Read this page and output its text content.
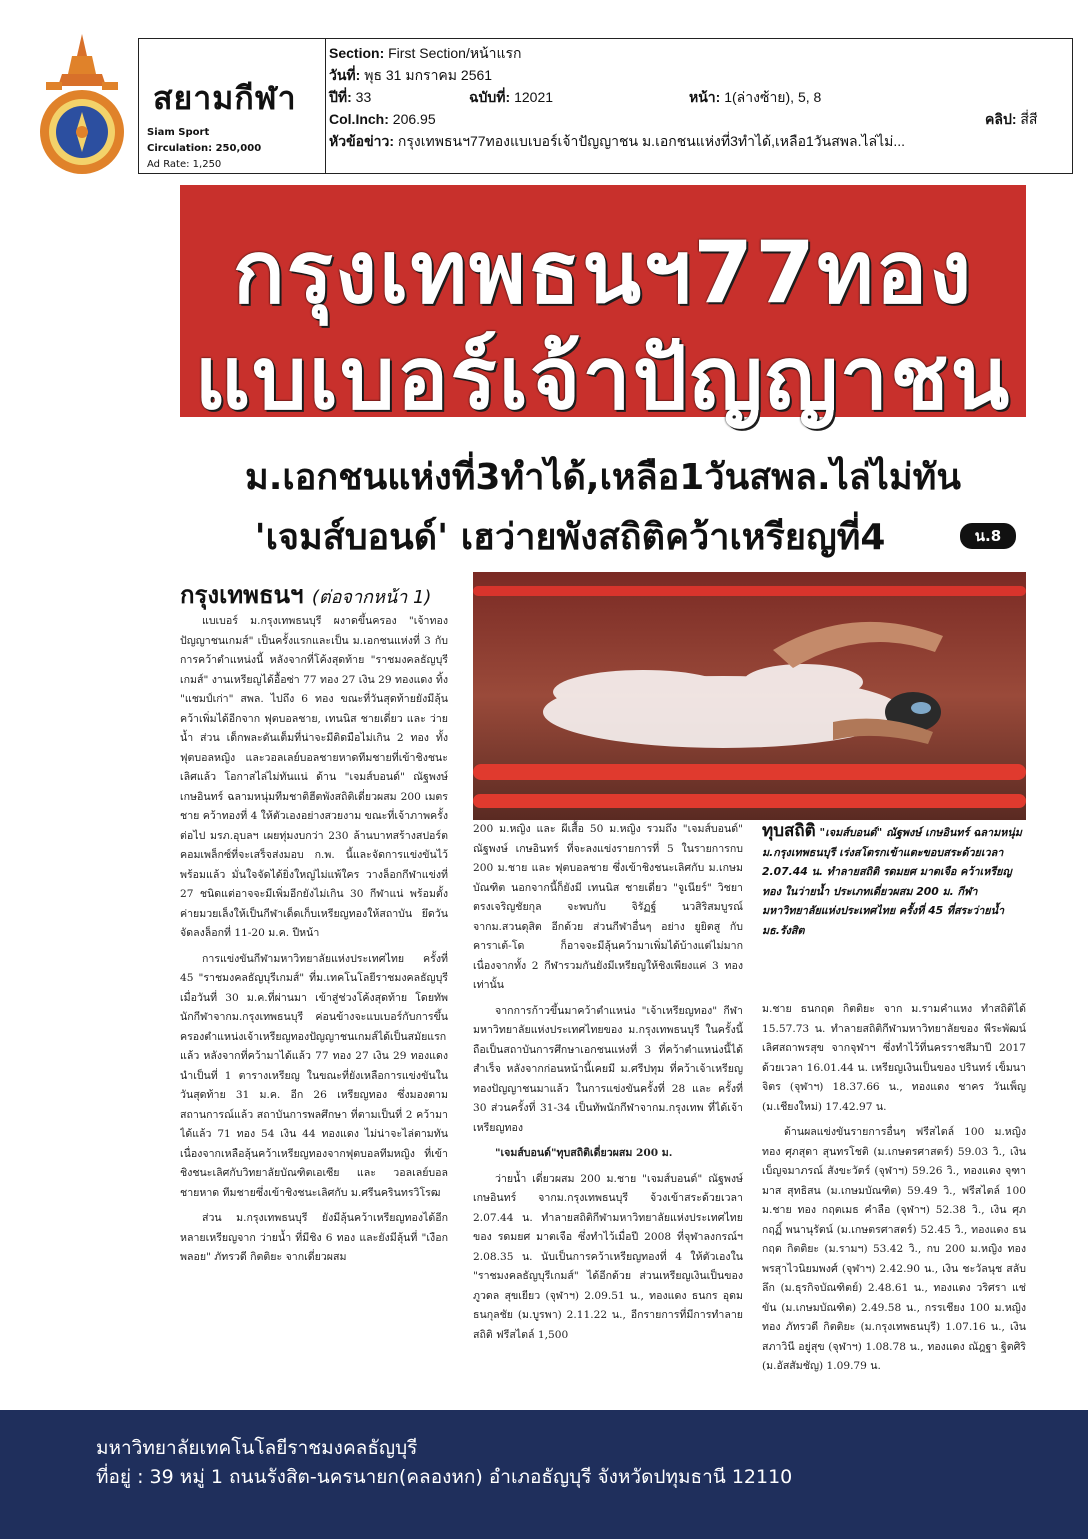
สยามกีฬา
Siam Sport
Circulation: 250,000
Ad Rate: 1,250
Section: First Section/หน้าแรก
วันที่: พุธ 31 มกราคม 2561
ปีที่: 33	ฉบับที่: 12021	หน้า: 1(ล่างซ้าย), 5, 8
Col.Inch: 206.95	คลิป: สี่สี
หัวข้อข่าว: กรุงเทพธนฯ77ทองแบเบอร์เจ้าปัญญาชน ม.เอกชนแห่งที่3ทำได้,เหลือ1วันสพล.ไล่ไม่...
กรุงเทพธนฯ77ทอง
แบเบอร์เจ้าปัญญาชน
ม.เอกชนแห่งที่3ทำได้,เหลือ1วันสพล.ไล่ไม่ทัน
'เจมส์บอนด์' เฮว่ายพังสถิติคว้าเหรียญที่4	น.8
กรุงเทพธนฯ (ต่อจากหน้า 1)

แบเบอร์ ม.กรุงเทพธนบุรี ผงาดขึ้นครอง "เจ้าทองปัญญาชนเกมส์" เป็นครั้งแรกและเป็น ม.เอกชนแห่งที่ 3 กับการคว้าตำแหน่งนี้ หลังจากที่โค้งสุดท้าย "ราชมงคลธัญบุรีเกมส์" งานเหรียญได้อื้อซ่า 77 ทอง 27 เงิน 29 ทองแดง ทิ้ง "แชมป์เก่า" สพล. ไปถึง 6 ทอง ขณะที่วันสุดท้ายยังมีลุ้นคว้าเพิ่มได้อีกจาก ฟุตบอลชาย, เทนนิส ชายเดี่ยว และ ว่ายน้ำ ส่วน เด็กพละดันเต็มที่น่าจะมีติดมือไม่เกิน 2 ทอง ทั้งฟุตบอลหญิง และวอลเลย์บอลชายหาดทีมชายที่เข้าชิงชนะเลิศแล้ว โอกาสไล่ไม่ทันแน่ ด้าน "เจมส์บอนด์" ณัฐพงษ์ เกษอินทร์ ฉลามหนุ่มทีมชาติฮีตพังสถิติเดี่ยวผสม 200 เมตรชาย คว้าทองที่ 4 ให้ตัวเองอย่างสวยงาม ขณะที่เจ้าภาพครั้งต่อไป มรภ.อุบลฯ เผยทุ่มงบกว่า 230 ล้านบาทสร้างสปอร์ตคอมเพล็กซ์ที่จะเสร็จส่งมอบ ก.พ. นี้และจัดการแข่งขันไว้พร้อมแล้ว มั่นใจจัดได้ยิ่งใหญ่ไม่แพ้ใคร วางล็อกกีฬาแข่งที่ 27 ชนิดแต่อาจจะมีเพิ่มอีกยังไม่เกิน 30 กีฬาแน่ พร้อมตั้งค่ายมวยเล็งให้เป็นกีฬาเด็ดเก็บเหรียญทองให้สถาบัน ยึดวันจัดลงล็อกที่ 11-20 ม.ค. ปีหน้า

การแข่งขันกีฬามหาวิทยาลัยแห่งประเทศไทย ครั้งที่ 45 "ราชมงคลธัญบุรีเกมส์" ที่ม.เทคโนโลยีราชมงคลธัญบุรี เมื่อวันที่ 30 ม.ค.ที่ผ่านมา เข้าสู่ช่วงโค้งสุดท้าย โดยทัพนักกีฬาจากม.กรุงเทพธนบุรี ค่อนข้างจะแบเบอร์กับการขึ้นครองตำแหน่งเจ้าเหรียญทองปัญญาชนเกมส์ได้เป็นสมัยแรกแล้ว หลังจากที่คว้ามาได้แล้ว 77 ทอง 27 เงิน 29 ทองแดง นำเป็นที่ 1 ตารางเหรียญ ในขณะที่ยังเหลือการแข่งขันในวันสุดท้าย 31 ม.ค. อีก 26 เหรียญทอง ซึ่งมองตามสถานการณ์แล้ว สถาบันการพลศึกษา ที่ตามเป็นที่ 2 คว้ามาได้แล้ว 71 ทอง 54 เงิน 44 ทองแดง ไม่น่าจะไล่ตามทันเนื่องจากเหลือลุ้นคว้าเหรียญทองจากฟุตบอลทีมหญิง ที่เข้าชิงชนะเลิศกับวิทยาลัยบัณฑิตเอเซีย และ วอลเลย์บอลชายหาด ทีมชายซึ่งเข้าชิงชนะเลิศกับ ม.ศรีนครินทรวิโรฒ

ส่วน ม.กรุงเทพธนบุรี ยังมีลุ้นคว้าเหรียญทองได้อีกหลายเหรียญจาก ว่ายน้ำ ที่มีชิง 6 ทอง และยังมีลุ้นที่ "เงือกพลอย" ภัทรวดี กิตติยะ จากเดี่ยวผสม

ทุบสถิติ "เจมส์บอนด์" ณัฐพงษ์ เกษอินทร์ ฉลามหนุ่ม ม.กรุงเทพธนบุรี เร่งสโตรกเข้าแตะขอบสระด้วยเวลา 2.07.44 น. ทำลายสถิติ รดมยศ มาตเจือ คว้าเหรียญทอง ในว่ายน้ำ ประเภทเดี่ยวผสม 200 ม. กีฬามหาวิทยาลัยแห่งประเทศไทย ครั้งที่ 45 ที่สระว่ายน้ำ มธ.รังสิต

200 ม.หญิง และ ผีเสื้อ 50 ม.หญิง รวมถึง "เจมส์บอนด์" ณัฐพงษ์ เกษอินทร์ ที่จะลงแข่งรายการที่ 5 ในรายการกบ 200 ม.ชาย และ ฟุตบอลชาย ซึ่งเข้าชิงชนะเลิศกับ ม.เกษมบัณฑิต นอกจากนี้ก็ยังมี เทนนิส ชายเดี่ยว "จูเนียร์" วิชยา ตรงเจริญชัยกุล จะพบกับ จิรัฏฐ์ นวสิริสมบูรณ์ จากม.สวนดุสิต อีกด้วย ส่วนกีฬาอื่นๆ อย่าง ยูยิตสู กับ คาราเต้-โด ก็อาจจะมีลุ้นคว้ามาเพิ่มได้บ้างแต่ไม่มากเนื่องจากทั้ง 2 กีฬารวมกันยังมีเหรียญให้ชิงเพียงแค่ 3 ทองเท่านั้น

จากการก้าวขึ้นมาคว้าตำแหน่ง "เจ้าเหรียญทอง" กีฬามหาวิทยาลัยแห่งประเทศไทยของ ม.กรุงเทพธนบุรี ในครั้งนี้ถือเป็นสถาบันการศึกษาเอกชนแห่งที่ 3 ที่คว้าตำแหน่งนี้ได้สำเร็จ หลังจากก่อนหน้านี้เคยมี ม.ศรีปทุม ที่คว้าเจ้าเหรียญทองปัญญาชนมาแล้ว ในการแข่งขันครั้งที่ 28 และ ครั้งที่ 30 ส่วนครั้งที่ 31-34 เป็นทัพนักกีฬาจากม.กรุงเทพ ที่ได้เจ้าเหรียญทอง

"เจมส์บอนด์"ทุบสถิติเดี่ยวผสม 200 ม.

ว่ายน้ำ เดี่ยวผสม 200 ม.ชาย "เจมส์บอนด์" ณัฐพงษ์ เกษอินทร์ จากม.กรุงเทพธนบุรี จ้วงเข้าสระด้วยเวลา 2.07.44 น. ทำลายสถิติกีฬามหาวิทยาลัยแห่งประเทศไทย ของ รดมยศ มาตเจือ ซึ่งทำไว้เมื่อปี 2008 ที่จุฬาลงกรณ์ฯ 2.08.35 น. นับเป็นการคว้าเหรียญทองที่ 4 ให้ตัวเองใน "ราชมงคลธัญบุรีเกมส์" ได้อีกด้วย ส่วนเหรียญเงินเป็นของ ภูวดล สุขเยียว (จุฬาฯ) 2.09.51 น., ทองแดง ธนกร อุดมธนกุลชัย (ม.บูรพา) 2.11.22 น., อีกรายการที่มีการทำลายสถิติ ฟรีสไตล์ 1,500

ม.ชาย ธนกฤต กิตติยะ จาก ม.รามคำแหง ทำสถิติได้ 15.57.73 น. ทำลายสถิติกีฬามหาวิทยาลัยของ พีระพัฒน์ เลิศสถาพรสุข จากจุฬาฯ ซึ่งทำไว้ที่นครราชสีมาปี 2017 ด้วยเวลา 16.01.44 น. เหรียญเงินเป็นของ ปรินทร์ เข็มนาจิตร (จุฬาฯ) 18.37.66 น., ทองแดง ชาคร วันเพ็ญ (ม.เชียงใหม่) 17.42.97 น.

ด้านผลแข่งขันรายการอื่นๆ ฟรีสไตล์ 100 ม.หญิง ทอง ศุภสุดา สุนทรโชติ (ม.เกษตรศาสตร์) 59.03 วิ., เงิน เบ็ญจมาภรณ์ สังขะวัตร์ (จุฬาฯ) 59.26 วิ., ทองแดง จุฑามาส สุทธิสน (ม.เกษมบัณฑิต) 59.49 วิ., ฟรีสไตล์ 100 ม.ชาย ทอง กฤตเมธ คำลือ (จุฬาฯ) 52.38 วิ., เงิน ศุภกฤฏิ์ พนานุรัตน์ (ม.เกษตรศาสตร์) 52.45 วิ., ทองแดง ธนกฤต กิตติยะ (ม.รามฯ) 53.42 วิ., กบ 200 ม.หญิง ทอง พรสุาไวนิยมพงศ์ (จุฬาฯ) 2.42.90 น., เงิน ชะวัลนุช สลับลึก (ม.ธุรกิจบัณฑิตย์) 2.48.61 น., ทองแดง วริศรา แช่ขัน (ม.เกษมบัณฑิต) 2.49.58 น., กรรเชียง 100 ม.หญิง ทอง ภัทรวดี กิตติยะ (ม.กรุงเทพธนบุรี) 1.07.16 น., เงิน สภาวินี อยู่สุข (จุฬาฯ) 1.08.78 น., ทองแดง ณัฎฐา ฐิตศิริ (ม.อัสสัมชัญ) 1.09.79 น.

มหาวิทยาลัยเทคโนโลยีราชมงคลธัญบุรี
ที่อยู่ : 39 หมู่ 1 ถนนรังสิต-นครนายก(คลองหก) อำเภอธัญบุรี จังหวัดปทุมธานี 12110
